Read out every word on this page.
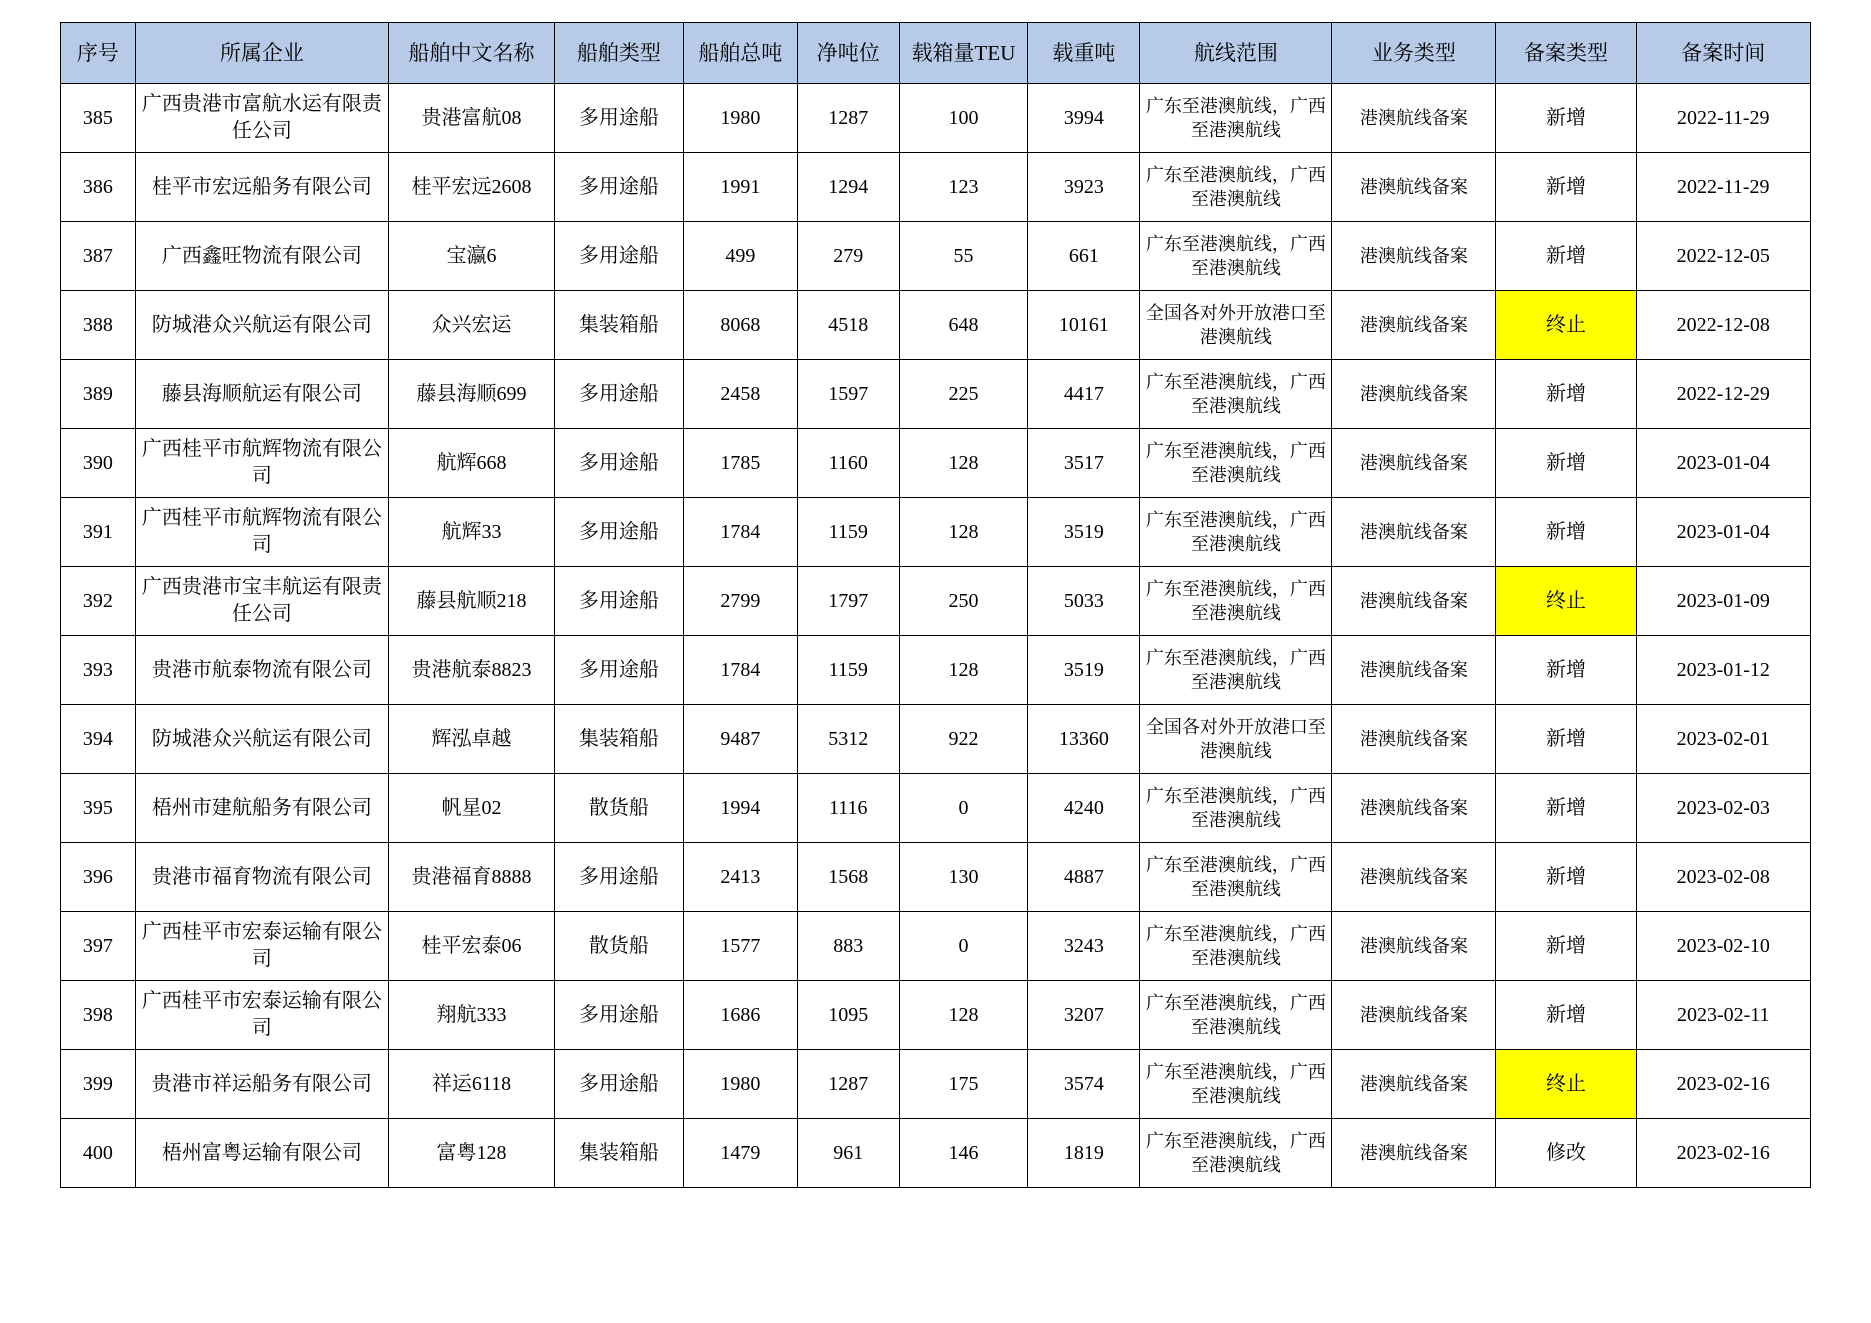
序号	所属企业	船舶中文名称	船舶类型	船舶总吨	净吨位	载箱量TEU	载重吨	航线范围	业务类型	备案类型	备案时间
385	广西贵港市富航水运有限责任公司	贵港富航08	多用途船	1980	1287	100	3994	广东至港澳航线，广西至港澳航线	港澳航线备案	新增	2022-11-29
386	桂平市宏远船务有限公司	桂平宏远2608	多用途船	1991	1294	123	3923	广东至港澳航线，广西至港澳航线	港澳航线备案	新增	2022-11-29
387	广西鑫旺物流有限公司	宝瀛6	多用途船	499	279	55	661	广东至港澳航线，广西至港澳航线	港澳航线备案	新增	2022-12-05
388	防城港众兴航运有限公司	众兴宏运	集装箱船	8068	4518	648	10161	全国各对外开放港口至港澳航线	港澳航线备案	终止	2022-12-08
389	藤县海顺航运有限公司	藤县海顺699	多用途船	2458	1597	225	4417	广东至港澳航线，广西至港澳航线	港澳航线备案	新增	2022-12-29
390	广西桂平市航辉物流有限公司	航辉668	多用途船	1785	1160	128	3517	广东至港澳航线，广西至港澳航线	港澳航线备案	新增	2023-01-04
391	广西桂平市航辉物流有限公司	航辉33	多用途船	1784	1159	128	3519	广东至港澳航线，广西至港澳航线	港澳航线备案	新增	2023-01-04
392	广西贵港市宝丰航运有限责任公司	藤县航顺218	多用途船	2799	1797	250	5033	广东至港澳航线，广西至港澳航线	港澳航线备案	终止	2023-01-09
393	贵港市航泰物流有限公司	贵港航泰8823	多用途船	1784	1159	128	3519	广东至港澳航线，广西至港澳航线	港澳航线备案	新增	2023-01-12
394	防城港众兴航运有限公司	辉泓卓越	集装箱船	9487	5312	922	13360	全国各对外开放港口至港澳航线	港澳航线备案	新增	2023-02-01
395	梧州市建航船务有限公司	帆星02	散货船	1994	1116	0	4240	广东至港澳航线，广西至港澳航线	港澳航线备案	新增	2023-02-03
396	贵港市福育物流有限公司	贵港福育8888	多用途船	2413	1568	130	4887	广东至港澳航线，广西至港澳航线	港澳航线备案	新增	2023-02-08
397	广西桂平市宏泰运输有限公司	桂平宏泰06	散货船	1577	883	0	3243	广东至港澳航线，广西至港澳航线	港澳航线备案	新增	2023-02-10
398	广西桂平市宏泰运输有限公司	翔航333	多用途船	1686	1095	128	3207	广东至港澳航线，广西至港澳航线	港澳航线备案	新增	2023-02-11
399	贵港市祥运船务有限公司	祥运6118	多用途船	1980	1287	175	3574	广东至港澳航线，广西至港澳航线	港澳航线备案	终止	2023-02-16
400	梧州富粤运输有限公司	富粤128	集装箱船	1479	961	146	1819	广东至港澳航线，广西至港澳航线	港澳航线备案	修改	2023-02-16
